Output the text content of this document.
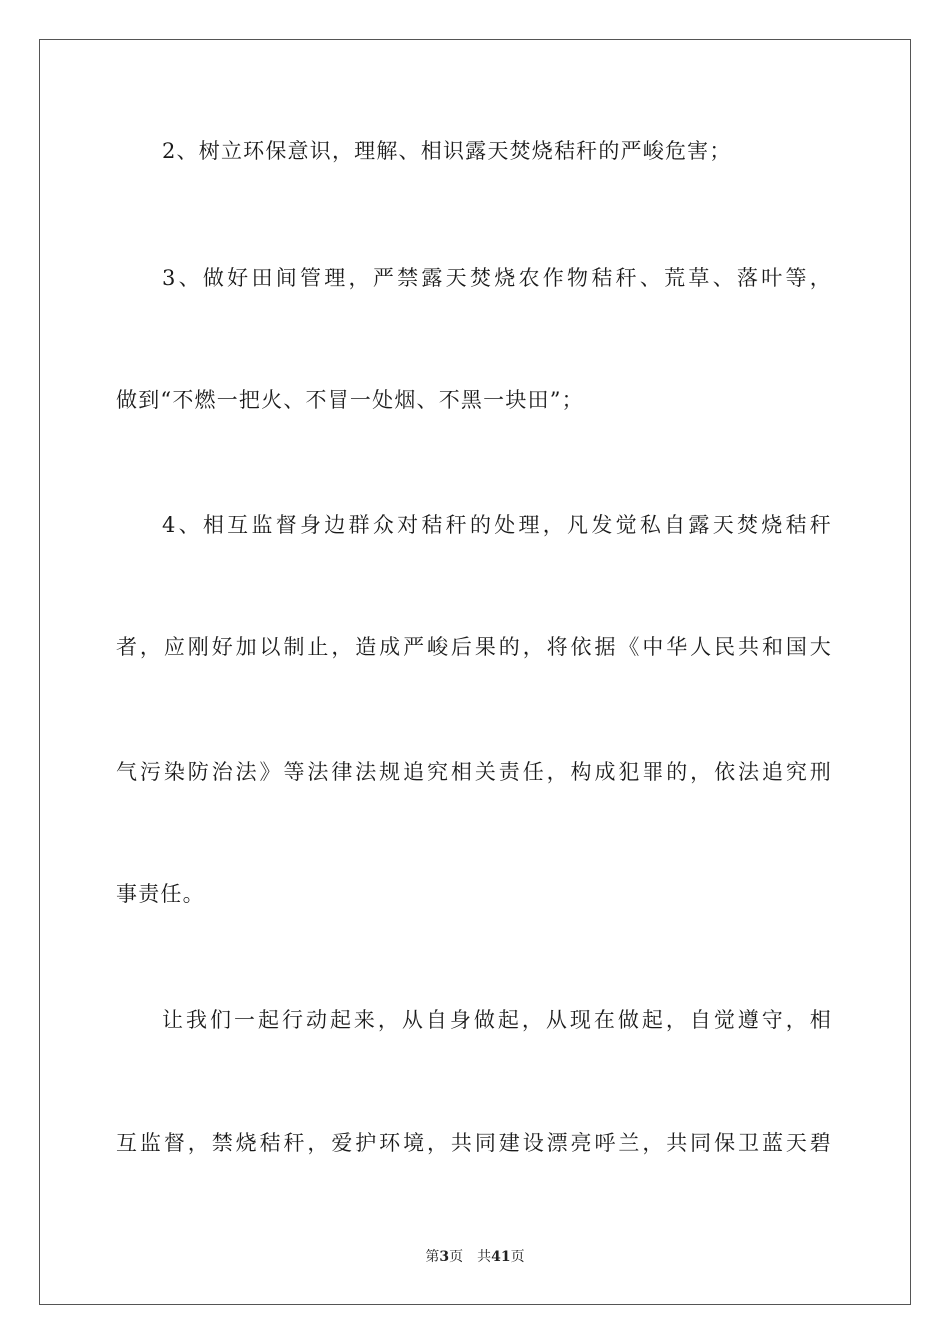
2、树立环保意识，理解、相识露天焚烧秸秆的严峻危害；
3、做好田间管理，严禁露天焚烧农作物秸秆、荒草、落叶等，
做到“不燃一把火、不冒一处烟、不黑一块田”；
4、相互监督身边群众对秸秆的处理，凡发觉私自露天焚烧秸秆
者，应刚好加以制止，造成严峻后果的，将依据《中华人民共和国大
气污染防治法》等法律法规追究相关责任，构成犯罪的，依法追究刑
事责任。
让我们一起行动起来，从自身做起，从现在做起，自觉遵守，相
互监督，禁烧秸秆，爱护环境，共同建设漂亮呼兰，共同保卫蓝天碧
第3页 共41页
